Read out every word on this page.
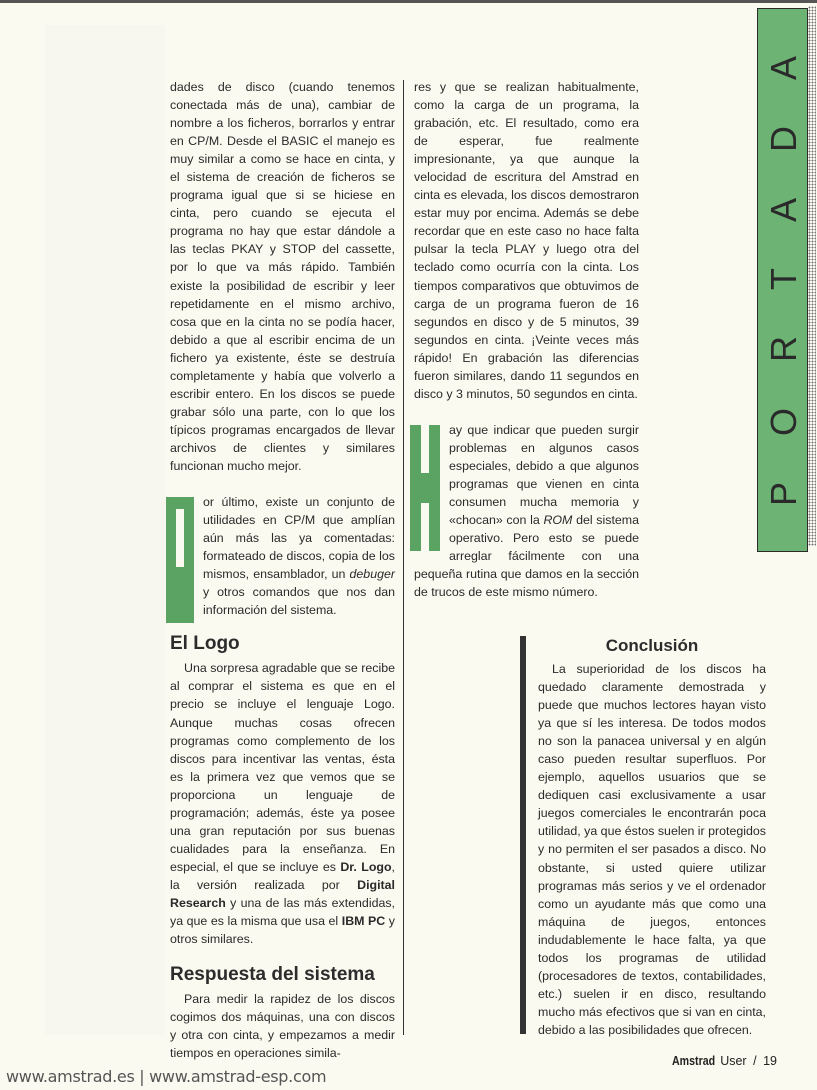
dades de disco (cuando tenemos conectada más de una), cambiar de nombre a los ficheros, borrarlos y entrar en CP/M. Desde el BASIC el manejo es muy similar a como se hace en cinta, y el sistema de creación de ficheros se programa igual que si se hiciese en cinta, pero cuando se ejecuta el programa no hay que estar dándole a las teclas PKAY y STOP del cassette, por lo que va más rápido. También existe la posibilidad de escribir y leer repetidamente en el mismo archivo, cosa que en la cinta no se podía hacer, debido a que al escribir encima de un fichero ya existente, éste se destruía completamente y había que volverlo a escribir entero. En los discos se puede grabar sólo una parte, con lo que los típicos programas encargados de llevar archivos de clientes y similares funcionan mucho mejor.

or último, existe un conjunto de utilidades en CP/M que amplían aún más las ya comentadas: formateado de discos, copia de los mismos, ensamblador, un debuger y otros comandos que nos dan información del sistema.

El Logo

Una sorpresa agradable que se recibe al comprar el sistema es que en el precio se incluye el lenguaje Logo. Aunque muchas cosas ofrecen programas como complemento de los discos para incentivar las ventas, ésta es la primera vez que vemos que se proporciona un lenguaje de programación; además, éste ya posee una gran reputación por sus buenas cualidades para la enseñanza. En especial, el que se incluye es Dr. Logo, la versión realizada por Digital Research y una de las más extendidas, ya que es la misma que usa el IBM PC y otros similares.

Respuesta del sistema

Para medir la rapidez de los discos cogimos dos máquinas, una con discos y otra con cinta, y empezamos a medir tiempos en operaciones simila-

res y que se realizan habitualmente, como la carga de un programa, la grabación, etc. El resultado, como era de esperar, fue realmente impresionante, ya que aunque la velocidad de escritura del Amstrad en cinta es elevada, los discos demostraron estar muy por encima. Además se debe recordar que en este caso no hace falta pulsar la tecla PLAY y luego otra del teclado como ocurría con la cinta. Los tiempos comparativos que obtuvimos de carga de un programa fueron de 16 segundos en disco y de 5 minutos, 39 segundos en cinta. ¡Veinte veces más rápido! En grabación las diferencias fueron similares, dando 11 segundos en disco y 3 minutos, 50 segundos en cinta.

ay que indicar que pueden surgir problemas en algunos casos especiales, debido a que algunos programas que vienen en cinta consumen mucha memoria y «chocan» con la ROM del sistema operativo. Pero esto se puede arreglar fácilmente con una pequeña rutina que damos en la sección de trucos de este mismo número.

Conclusión

La superioridad de los discos ha quedado claramente demostrada y puede que muchos lectores hayan visto ya que sí les interesa. De todos modos no son la panacea universal y en algún caso pueden resultar superfluos. Por ejemplo, aquellos usuarios que se dediquen casi exclusivamente a usar juegos comerciales le encontrarán poca utilidad, ya que éstos suelen ir protegidos y no permiten el ser pasados a disco. No obstante, si usted quiere utilizar programas más serios y ve el ordenador como un ayudante más que como una máquina de juegos, entonces indudablemente le hace falta, ya que todos los programas de utilidad (procesadores de textos, contabilidades, etc.) suelen ir en disco, resultando mucho más efectivos que si van en cinta, debido a las posibilidades que ofrecen.

P
O
R
T
A
D
A
Amstrad User / 19
www.amstrad.es | www.amstrad-esp.com
